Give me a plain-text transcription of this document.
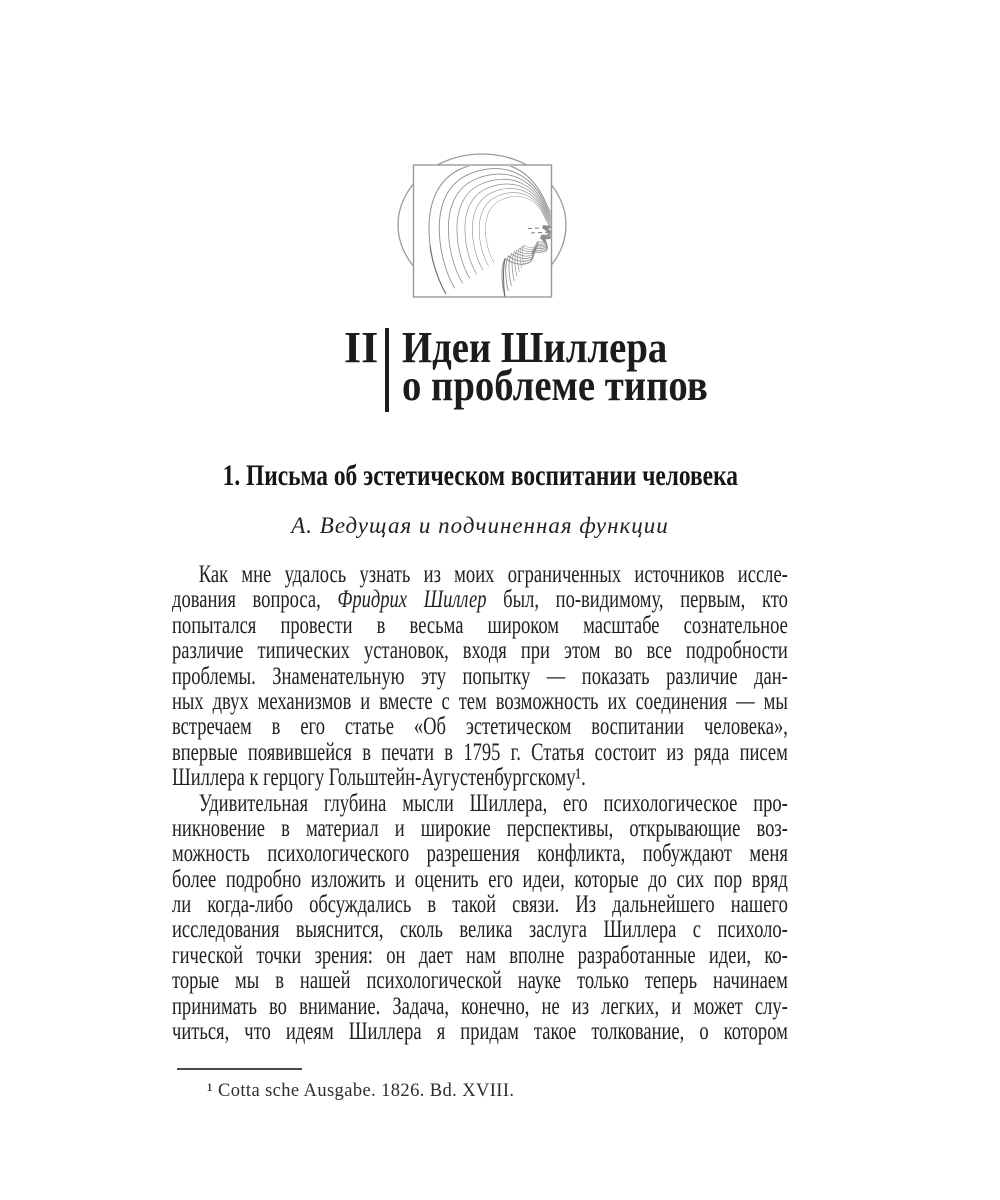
II Идеи Шиллера
о проблеме типов
1. Письма об эстетическом воспитании человека
А. Ведущая и подчиненная функции
Как мне удалось узнать из моих ограниченных источников иссле-
дования вопроса, Фридрих Шиллер был, по-видимому, первым, кто
попытался провести в весьма широком масштабе сознательное
различие типических установок, входя при этом во все подробности
проблемы. Знаменательную эту попытку — показать различие дан-
ных двух механизмов и вместе с тем возможность их соединения — мы
встречаем в его статье «Об эстетическом воспитании человека»,
впервые появившейся в печати в 1795 г. Статья состоит из ряда писем
Шиллера к герцогу Гольштейн-Аугустенбургскому¹.
Удивительная глубина мысли Шиллера, его психологическое про-
никновение в материал и широкие перспективы, открывающие воз-
можность психологического разрешения конфликта, побуждают меня
более подробно изложить и оценить его идеи, которые до сих пор вряд
ли когда-либо обсуждались в такой связи. Из дальнейшего нашего
исследования выяснится, сколь велика заслуга Шиллера с психоло-
гической точки зрения: он дает нам вполне разработанные идеи, ко-
торые мы в нашей психологической науке только теперь начинаем
принимать во внимание. Задача, конечно, не из легких, и может слу-
читься, что идеям Шиллера я придам такое толкование, о котором
¹ Cotta sche Ausgabe. 1826. Bd. XVIII.
